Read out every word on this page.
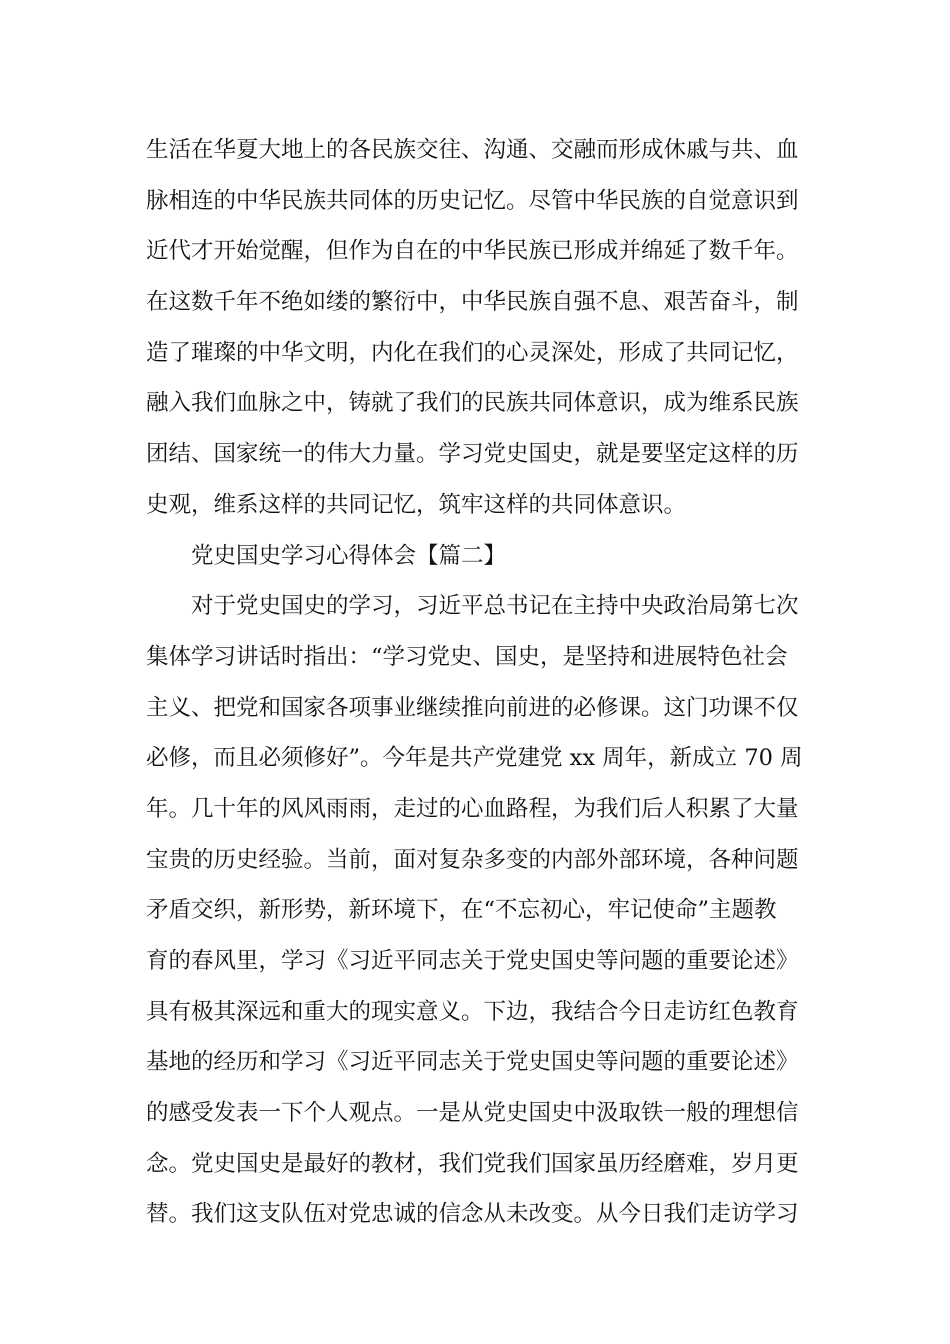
生活在华夏大地上的各民族交往、沟通、交融而形成休戚与共、血
脉相连的中华民族共同体的历史记忆。尽管中华民族的自觉意识到
近代才开始觉醒，但作为自在的中华民族已形成并绵延了数千年。
在这数千年不绝如缕的繁衍中，中华民族自强不息、艰苦奋斗，制
造了璀璨的中华文明，内化在我们的心灵深处，形成了共同记忆，
融入我们血脉之中，铸就了我们的民族共同体意识，成为维系民族
团结、国家统一的伟大力量。学习党史国史，就是要坚定这样的历
史观，维系这样的共同记忆，筑牢这样的共同体意识。
党史国史学习心得体会【篇二】
对于党史国史的学习，习近平总书记在主持中央政治局第七次
集体学习讲话时指出：“学习党史、国史，是坚持和进展特色社会
主义、把党和国家各项事业继续推向前进的必修课。这门功课不仅
必修，而且必须修好”。今年是共产党建党 xx 周年，新成立 70 周
年。几十年的风风雨雨，走过的心血路程，为我们后人积累了大量
宝贵的历史经验。当前，面对复杂多变的内部外部环境，各种问题
矛盾交织，新形势，新环境下，在“不忘初心，牢记使命”主题教
育的春风里，学习《习近平同志关于党史国史等问题的重要论述》
具有极其深远和重大的现实意义。下边，我结合今日走访红色教育
基地的经历和学习《习近平同志关于党史国史等问题的重要论述》
的感受发表一下个人观点。一是从党史国史中汲取铁一般的理想信
念。党史国史是最好的教材，我们党我们国家虽历经磨难，岁月更
替。我们这支队伍对党忠诚的信念从未改变。从今日我们走访学习
